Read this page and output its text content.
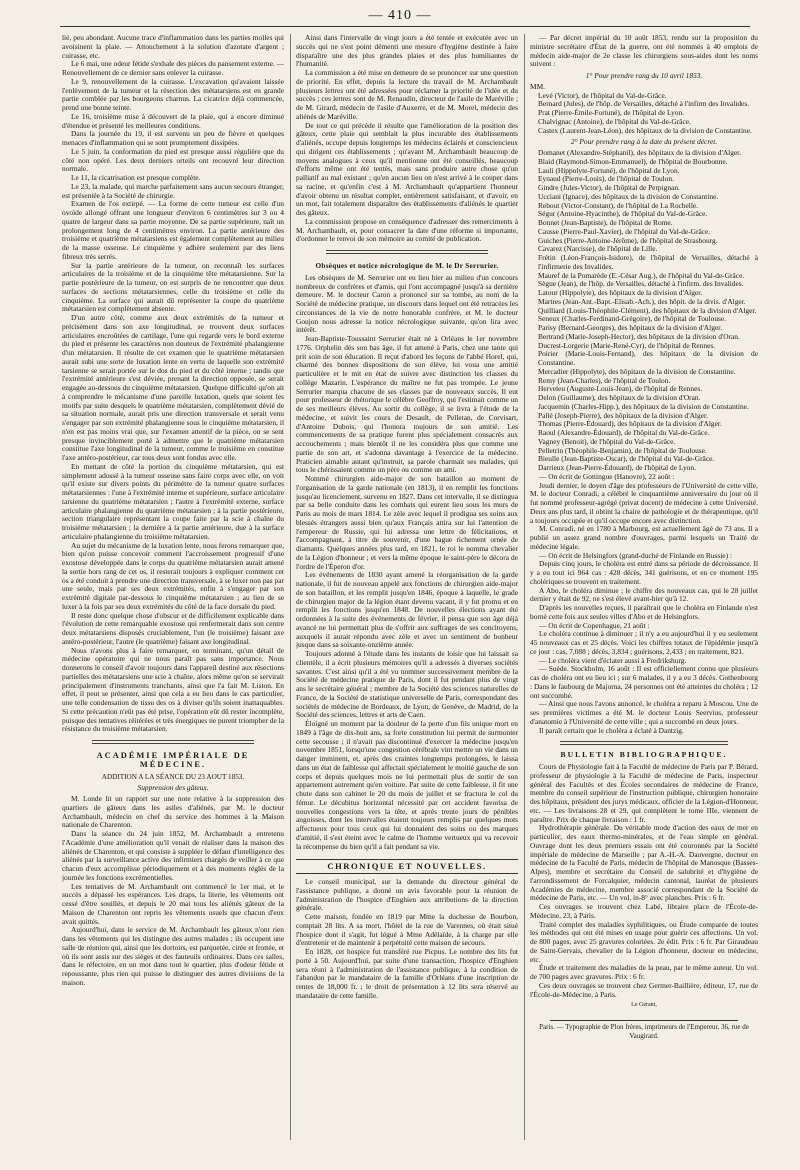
— 410 —

lié, peu abondant. Aucune trace d'inflammation dans les parties molles qui avoisinent la plaie. — Attouchement à la solution d'azotate d'argent ; cuirasse, etc.

Le 6 mai, une odeur fétide s'exhale des pièces du pansement externe. — Renouvellement de ce dernier sans enlever la cuirasse.

Le 9, renouvellement de la cuirasse. L'excavation qu'avaient laissée l'enlèvement de la tumeur et la résection des métatarsiens est en grande partie comblée par les bourgeons charnus. La cicatrice déjà commencée, prend une bonne teinte.

Le 16, troisième mise à découvert de la plaie, qui a encore diminué d'étendue et présenté les meilleures conditions.

Dans la journée du 19, il est survenu un peu de fièvre et quelques menaces d'inflammation qui se sont promptement dissipées.

Le 5 juin, la conformation du pied est presque aussi régulière que du côté non opéré. Les deux derniers orteils ont recouvré leur direction normale.

Le 11, la cicatrisation est presque complète.

Le 23, la malade, qui marche parfaitement sans aucun secours étranger, est présentée à la Société de chirurgie.

Examen de l'os extirpé. — La forme de cette tumeur est celle d'un ovoïde allongé offrant une longueur d'environ 6 centimètres sur 3 ou 4 quatre de largeur dans sa partie moyenne. De sa partie supérieure, naît un prolongement long de 4 centimètres environ. La partie antérieure des troisième et quatrième métatarsiens est également complètement au milieu de la masse osseuse. Le cinquième y adhère seulement par des liens fibreux très serrés.

Sur la partie antérieure de la tumeur, on reconnaît les surfaces articulaires de la troisième et de la cinquième tête métatarsienne. Sur la partie postérieure de la tumeur, on est surpris de ne rencontrer que deux surfaces de sections métatarsiennes, celle du troisième et celle du cinquième. La surface qui aurait dû représenter la coupe du quatrième métatarsien est complètement absente.

D'un autre côté, comme aux deux extrémités de la tumeur et précisément dans son axe longitudinal, se trouvent deux surfaces articulaires encroûtées de cartilage, l'une qui regarde vers le bord externe du pied et présente les caractères non douteux de l'extrémité phalangienne d'un métatarsien. Il résulte de cet examen que le quatrième métatarsien aurait subi une sorte de luxation lente en vertu de laquelle son extrémité tarsienne se serait portée sur le dos du pied et du côté interne ; tandis que l'extrémité antérieure s'est déviée, prenant la direction opposée, se serait engagée au-dessous du cinquième métatarsien. Quelque difficulté qu'on ait à comprendre le mécanisme d'une pareille luxation, quels que soient les motifs par suite desquels le quatrième métatarsien, complètement dévié de sa situation normale, aurait pris une direction transversale et serait venu s'engager par son extrémité phalangienne sous le cinquième métatarsien, il n'en est pas moins vrai que, sur l'examen attentif de la pièce, on se sent presque invinciblement porté à admettre que le quatrième métatarsien constitue l'axe longitudinal de la tumeur, comme le troisième en constitue l'axe antéro-postérieur, car tous deux sont fondus avec elle.

En mettant de côté la portion du cinquième métatarsien, qui est simplement adossé à la tumeur osseuse sans faire corps avec elle, on voit qu'il existe sur divers points du périmètre de la tumeur quatre surfaces métatarsiennes : l'une à l'extrémité interne et supérieure, surface articulaire tarsienne du quatrième métatarsien ; l'autre à l'extrémité externe, surface articulaire phalangienne du quatrième métatarsien ; à la partie postérieure, section triangulaire représentant la coupe faite par la scie à chaîne du troisième métatarsien ; la dernière à la partie antérieure, due à la surface articulaire phalangienne du troisième métatarsien.

Au sujet du mécanisme de la luxation lente, nous ferons remarquer que, bien qu'on puisse concevoir comment l'accroissement progressif d'une exostose développée dans le corps du quatrième métatarsien aurait amené la sortie hors rang de cet os, il resterait toujours à expliquer comment cet os a été conduit à prendre une direction transversale, à se luxer non pas par une seule, mais par ses deux extrémités, enfin à s'engager par son extrémité digitale par-dessous le cinquième métatarsien ; au lieu de se luxer à la fois par ses deux extrémités du côté de la face dorsale du pied.

Il reste donc quelque chose d'obscur et de difficilement explicable dans l'évolution de cette remarquable exostose qui renfermerait dans son centre deux métatarsiens disposés cruciablement, l'un (le troisième) faisant axe antéro-postérieur, l'autre (le quatrième) faisant axe longitudinal.

Nous n'avons plus à faire remarquer, en terminant, qu'un détail de médecine opératoire qui ne nous paraît pas sans importance. Nous donnerons le conseil d'avoir toujours dans l'appareil destiné aux résections partielles des métatarsiens une scie à chaîne, alors même qu'on se servirait principalement d'instruments tranchants, ainsi que l'a fait M. Liston. En effet, il peut se présenter, ainsi que cela a eu lieu dans le cas particulier, une telle condensation de tissu des os à diviser qu'ils soient inattaquables. Si cette précaution n'eût pas été prise, l'opération eût dû rester incomplète, puisque des tentatives réitérées et très énergiques ne purent triompher de la résistance du troisième métatarsien.

ACADÉMIE IMPÉRIALE DE MÉDECINE.
ADDITION A LA SÉANCE DU 23 AOUT 1853.
Suppression des gâteux.

M. Londe lit un rapport sur une note relative à la suppression des quartiers de gâteux dans les asiles d'aliénés, par M. le docteur Archambault, médecin en chef du service des hommes à la Maison nationale de Charenton.

Dans la séance du 24 juin 1852, M. Archambault a entretenu l'Académie d'une amélioration qu'il venait de réaliser dans la maison des aliénés de Charenton, et qui consiste à suppléer le défaut d'intelligence des aliénés par la surveillance active des infirmiers chargés de veiller à ce que chacun d'eux accomplisse périodiquement et à des moments réglés de la journée les fonctions excrémentielles.

Les tentatives de M. Archambault ont commencé le 1er mai, et le succès a dépassé les espérances. Les draps, la literie, les vêtements ont cessé d'être souillés, et depuis le 20 mai tous les aliénés gâteux de la Maison de Charenton ont repris les vêtements usuels que chacun d'eux avait quittés.

Aujourd'hui, dans le service de M. Archambault les gâteux n'ont rien dans les vêtements qui les distingue des autres malades ; ils occupent une salle de réunion qui, ainsi que les dortoirs, est parquetée, cirée et frottée, et où ils sont assis sur des sièges et des fauteuils ordinaires. Dans ces salles, dans le réfectoire, en un mot dans tout le quartier, plus d'odeur fétide et repoussante, plus rien qui puisse le distinguer des autres divisions de la maison.

Ainsi dans l'intervalle de vingt jours a été tentée et exécutée avec un succès qui ne s'est point démenti une mesure d'hygiène destinée à faire disparaître une des plus grandes plaies et des plus humiliantes de l'humanité.

La commission a été mise en demeure de se prononcer sur une question de priorité. En effet, depuis la lecture du travail de M. Archambault plusieurs lettres ont été adressées pour réclamer la priorité de l'idée et du succès ; ces lettres sont de M. Renaudin, directeur de l'asile de Maréville ; de M. Girard, médecin de l'asile d'Auxerre, et de M. Morel, médecin des aliénés de Maréville.

De tout ce qui précède il résulte que l'amélioration de la position des gâteux, cette plaie qui semblait la plus incurable des établissements d'aliénés, occupe depuis longtemps les médecins éclairés et consciencieux qui dirigent ces établissements ; qu'avant M. Archambault beaucoup de moyens analogues à ceux qu'il mentionne ont été conseillés, beaucoup d'efforts même ont été tentés, mais sans produire autre chose qu'un palliatif au mal existant ; qu'en aucun lieu on n'est arrivé à le couper dans sa racine, et qu'enfin c'est à M. Archambault qu'appartient l'honneur d'avoir obtenu un résultat complet, entièrement satisfaisant, et d'avoir, en un mot, fait totalement disparaître des établissements d'aliénés le quartier des gâteux.

La commission propose en conséquence d'adresser des remerciments à M. Archambault, et, pour consacrer la date d'une réforme si importante, d'ordonner le renvoi de son mémoire au comité de publication.

Obsèques et notice nécrologique de M. le Dr Serrurier.

Les obsèques de M. Serrurier ont eu lieu hier au milieu d'un concours nombreux de confrères et d'amis, qui l'ont accompagné jusqu'à sa dernière demeure. M. le docteur Caron a prononcé sur sa tombe, au nom de la Société de médecine pratique, un discours dans lequel ont été retracées les circonstances de la vie de notre honorable confrère, et M. le docteur Goujon nous adresse la notice nécrologique suivante, qu'on lira avec intérêt.

Jean-Baptiste-Toussaint Serrurier était né à Orléans le 1er novembre 1776. Orphelin dès son bas âge, il fut amené à Paris, chez une tante qui prit soin de son éducation. Il reçut d'abord les leçons de l'abbé Horel, qui, charmé des bonnes dispositions de son élève, lui voua une amitié particulière et le mit en état de suivre avec distinction les classes du collège Mazarin. L'espérance du maître ne fut pas trompée. Le jeune Serrurier marqua chacune de ses classes par de nouveaux succès. Il eut pour professeur de rhétorique le célèbre Geoffroy, qui l'estimait comme un de ses meilleurs élèves. Au sortir du collège, il se livra à l'étude de la médecine, et suivit les cours de Desault, de Pelletan, de Corvisart, d'Antoine Dubois, qui l'honora toujours de son amitié. Les commencements de sa pratique furent plus spécialement consacrés aux accouchements ; mais bientôt il ne les considéra plus que comme une partie de son art, et s'adonna davantage à l'exercice de la médecine. Praticien aimable autant qu'instruit, sa parole charmait ses malades, qui tous le chérissaient comme un père ou comme un ami.

Nommé chirurgien aide-major de son bataillon au moment de l'organisation de la garde nationale (en 1813), il en remplit les fonctions jusqu'au licenciement, survenu en 1827. Dans cet intervalle, il se distingua par sa belle conduite dans les combats qui eurent lieu sous les murs de Paris au mois de mars 1814. Le zèle avec lequel il prodigua ses soins aux blessés étrangers aussi bien qu'aux Français attira sur lui l'attention de l'empereur de Russie, qui lui adressa une lettre de félicitations, et l'accompagnant, à titre de souvenir, d'une bague richement ornée de diamants. Quelques années plus tard, en 1821, le roi le nomma chevalier de la Légion d'honneur ; et vers la même époque le saint-père le décora de l'ordre de l'Éperon d'or.

Les événements de 1830 ayant amené la réorganisation de la garde nationale, il fut de nouveau appelé aux fonctions de chirurgien aide-major de son bataillon, et les remplit jusqu'en 1846, époque à laquelle, le grade de chirurgien major de la légion étant devenu vacant, il y fut promu et en remplit les fonctions jusqu'en 1848. De nouvelles élections ayant été ordonnées à la suite des événements de février, il pensa que son âge déjà avancé ne lui permettait plus de s'offrir aux suffrages de ses concitoyens, auxquels il aurait répondu avec zèle et avec un sentiment de bonheur jusque dans sa soixante-onzième année.

Toujours adonné à l'étude dans les instants de loisir que lui laissait sa clientèle, il a écrit plusieurs mémoires qu'il a adressés à diverses sociétés savantes. C'est ainsi qu'il a été vu nommer successivement membre de la Société de médecine pratique de Paris, dont il fut pendant plus de vingt ans le secrétaire général ; membre de la Société des sciences naturelles de France, de la Société de statistique universelle de Paris, correspondant des sociétés de médecine de Bordeaux, de Lyon, de Genève, de Madrid, de la Société des sciences, lettres et arts de Caen.

Éloigné un moment par la douleur de la perte d'un fils unique mort en 1849 à l'âge de dix-huit ans, sa forte constitution lui permit de surmonter cette secousse ; il n'avait pas discontinué d'exercer la médecine jusqu'en novembre 1851, lorsqu'une congestion cérébrale vint mettre un vie dans un danger imminent, et, après des craintes longtemps prolongées, le laissa dans un état de faiblesse qui affectait spécialement le moitié gauche de son corps et depuis quelques mois ne lui permettait plus de sortir de son appartement autrement qu'en voiture. Par suite de cette faiblesse, il fit une chute dans son cabinet le 20 du mois de juillet et se fractura le col du fémur. Le décubitus horizontal nécessité par cet accident favorisa de nouvelles congestions vers la tête, et après trente jours de pénibles angoisses, dont les intervalles étaient toujours remplis par quelques mots affectueux pour tous ceux qui lui donnaient des soins ou des marques d'amitié, il s'est éteint avec le calme de l'homme vertueux qui va recevoir la récompense du bien qu'il a fait pendant sa vie.

CHRONIQUE ET NOUVELLES.

Le conseil municipal, sur la demande du directeur général de l'assistance publique, a donné un avis favorable pour la réunion de l'administration de l'hospice d'Enghien aux attributions de la direction générale.

Cette maison, fondée en 1819 par Mme la duchesse de Bourbon, comptait 28 lits. A sa mort, l'hôtel de la rue de Varennes, où était situé l'hospice dont il s'agit, fut légué à Mme Adélaïde, à la charge par elle d'entretenir et de maintenir à perpétuité cette maison de secours.

En 1828, cet hospice fut transféré rue Picpus. Le nombre des lits fut porté à 50. Aujourd'hui, par suite d'une transaction, l'hospice d'Enghien sera réuni à l'administration de l'assistance publique, à la condition de l'abandon par le mandataire de la famille d'Orléans d'une inscription de rentes de 18,000 fr. ; le droit de présentation à 12 lits sera réservé au mandataire de cette famille.

— Par décret impérial du 10 août 1853, rendu sur la proposition du ministre secrétaire d'État de la guerre, ont été nommés à 40 emplois de médecin aide-major de 2e classe les chirurgiens sous-aides dont les noms suivent :

1° Pour prendre rang du 10 avril 1853.

MM.

Levé (Victor), de l'hôpital du Val-de-Grâce.

Bernard (Jules), de l'hôp. de Versailles, détaché à l'infirm des Invalides.

Prat (Pierre-Émile-Fortuné), de l'hôpital de Lyon.

Chalvignac (Antoine), de l'hôpital du Val-de-Grâce.

Castex (Laurent-Jean-Léon), des hôpitaux de la division de Constantine.

2° Pour prendre rang à la date du présent décret.

Domanet (Alexandre-Stéphanil), des hôpitaux de la division d'Alger.

Blaid (Raymond-Simon-Emmanuel), de l'hôpital de Bourbonne.

Lauli (Hippolyte-Fortuné), de l'hôpital de Lyon.

Eynaud (Pierre-Louis), de l'hôpital de Toulon.

Gindre (Jules-Victor), de l'hôpital de Perpignan.

Ucciani (Ignace), des hôpitaux de la division de Constantine.

Rebout (Victor-Constant), de l'hôpital de La Rochelle.

Ségur (Antoine-Hyacinthe), de l'hôpital du Val-de-Grâce.

Bonnet (Jean-Baptiste), de l'hôpital de Rome.

Causse (Pierre-Paul-Xavier), de l'hôpital du Val-de-Grâce.

Guiches (Pierre-Antoine-Jérôme), de l'hôpital de Strasbourg.

Cavarez (Narcisse), de l'hôpital de Lille.

Frétin (Léon-François-Isidore), de l'hôpital de Versailles, détaché à l'infirmerie des Invalides.

Mauref de la Pomarède (E.-César Aug.), de l'hôpital du Val-de-Grâce.

Sègue (Jean), de l'hôp. de Versailles, détaché à l'infirm. des Invalides.

Latour (Hippolyte), des hôpitaux de la division d'Alger.

Martres (Jean-Ant.-Bapt.-Elisab.-Ach.), des hôpit. de la divis. d'Alger.

Quilliard (Louis-Théophile-Clément), des hôpitaux de la division d'Alger.

Seneux (Charles-Ferdinand-Grégoire), de l'hôpital de Toulouse.

Parisy (Bernard-Georges), des hôpitaux de la division d'Alger.

Bertrand (Marie-Joseph-Hector), des hôpitaux de la division d'Oran.

Ducrest-Lorgerie (Marie-René-Cyr), de l'hôpital de Rennes.

Poirier (Marie-Louis-Fernand), des hôpitaux de la division de Constantine.

Mercadier (Hippolyte), des hôpitaux de la division de Constantine.

Remy (Jean-Charles), de l'hôpital de Toulon.

Herveleu (Auguste-Louis-Jean), de l'hôpital de Rennes.

Delon (Guillaume), des hôpitaux de la division d'Oran.

Jacquemin (Charles-Hipp.), des hôpitaux de la division de Constantine.

Pallé (Joseph-Pierre), des hôpitaux de la division d'Alger.

Thomas (Pierre-Édouard), des hôpitaux de la division d'Alger.

Raoul (Alexandre-Édouard), de l'hôpital du Val-de-Grâce.

Vagney (Benoit), de l'hôpital du Val-de-Grâce.

Pelletrin (Théophile-Benjamin), de l'hôpital de Toulouse.

Bieulle (Jean-Baptiste-Oscar), de l'hôpital du Val-de-Grâce.

Darrieux (Jean-Pierre-Édouard), de l'hôpital de Lyon.

— On écrit de Gottingue (Hanovre), 22 août :

Jeudi dernier, le doyen d'âge des professeurs de l'Université de cette ville, M. le docteur Conradi, a célébré le cinquantième anniversaire du jour où il fut nommé professeur-agrégé (privat docent) de médecine à cette Université. Deux ans plus tard, il obtint la chaire de pathologie et de thérapeutique, qu'il a toujours occupée et qu'il occupe encore avec distinction.

M. Conradi, né en 1780 à Marbourg, est actuellement âgé de 73 ans. Il a publié un assez grand nombre d'ouvrages, parmi lesquels un Traité de médecine légale.

— On écrit de Helsingfors (grand-duché de Finlande en Russie) :

Depuis cinq jours, le choléra est entré dans sa période de décroissance. Il y a eu tout ici 964 cas : 428 décès, 341 guérisons, et en ce moment 195 cholériques se trouvent en traitement.

A Abo, le choléra diminue ; le chiffre des nouveaux cas, qui le 28 juillet dernier y était de 92, ne s'est élevé avant-hier qu'à 12.

D'après les nouvelles reçues, il paraîtrait que le choléra en Finlande n'est borné cette fois aux seules villes d'Abo et de Helsingfors.

— On écrit de Copenhague, 21 août :

Le choléra continue à diminuer ; il n'y a eu aujourd'hui il y eu seulement 45 nouveaux cas et 25 décès. Voici les chiffres totaux de l'épidémie jusqu'à ce jour : cas, 7,088 ; décès, 3,834 ; guérisons, 2,433 ; en traitement, 821.

— Le choléra vient d'éclater aussi à Fredrikshurg.

— Suède. Stockholm, 16 août : Il est officiellement connu que plusieurs cas de choléra ont eu lieu ici ; sur 6 malades, il y a eu 3 décès. Gothenbourg : Dans le faubourg de Majorna, 24 personnes ont été atteintes du choléra ; 12 ont succombé.

— Ainsi que nous l'avons annoncé, le choléra a reparu à Moscou. Une de ses premières victimes a été M. le docteur Louis Seervius, professeur d'anatomie à l'Université de cette ville ; qui a succombé en deux jours.

Il paraît certain que le choléra a éclaté à Dantzig.

BULLETIN BIBLIOGRAPHIQUE.

Cours de Physiologie fait à la Faculté de médecine de Paris par P. Bérard, professeur de physiologie à la Faculté de médecine de Paris, inspecteur général des Facultés et des Écoles secondaires de médecine de France, membre du conseil supérieur de l'instruction publique, chirurgien honoraire des hôpitaux, président des jurys médicaux, officier de la Légion-d'Honneur, etc. — Les livraisons 28 et 29, qui complètent le tome IIIe, viennent de paraître. Prix de chaque livraison : 1 fr.

Hydrothérapie générale. Du véritable mode d'action des eaux de mer en particulier, des eaux thermo-minérales, et de l'eau simple en général. Ouvrage dont les deux premiers essais ont été couronnés par la Société impériale de médecine de Marseille ; par A.-H.-A. Dauvergne, docteur en médecine de la Faculté de Paris, médecin de l'hôpital de Manosque (Basses-Alpes), membre et secrétaire du Conseil de salubrité et d'hygiène de l'arrondissement de Forcalquier, médecin cantonal, lauréat de plusieurs Académies de médecine, membre associé correspondant de la Société de médecine de Paris, etc. — Un vol. in-8° avec planches. Prix : 6 fr.

Ces ouvrages se trouvent chez Labé, libraire place de l'École-de-Médecine, 23, à Paris.

Traité complet des maladies syphilitiques, ou Étude comparée de toutes les méthodes qui ont été mises en usage pour guérir ces affections. Un vol. de 800 pages, avec 25 gravures coloriées. 2e édit. Prix : 6 fr. Par Giraudeau de Saint-Gervais, chevalier de la Légion d'honneur, docteur en médecine, etc.

Étude et traitement des maladies de la peau, par le même auteur. Un vol. de 700 pages avec gravures. Prix : 6 fr.

Ces deux ouvrages se trouvent chez Germer-Baillière, éditeur, 17, rue de l'École-de-Médecine, à Paris.

Le Gérant,
Paris. — Typographie de Plon frères, imprimeurs de l'Empereur, 36, rue de Vaugirard.
